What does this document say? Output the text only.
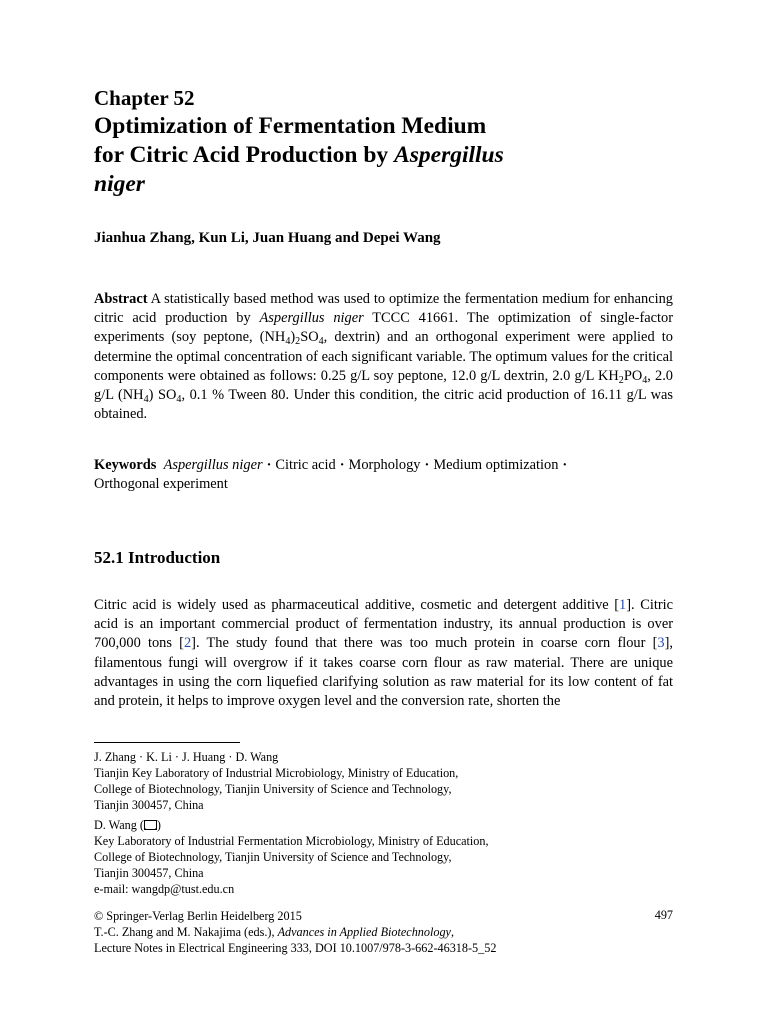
Chapter 52
Optimization of Fermentation Medium
for Citric Acid Production by Aspergillus
niger
Jianhua Zhang, Kun Li, Juan Huang and Depei Wang
Abstract A statistically based method was used to optimize the fermentation medium for enhancing citric acid production by Aspergillus niger TCCC 41661. The optimization of single-factor experiments (soy peptone, $(NH_4)_2SO_4$, dextrin) and an orthogonal experiment were applied to determine the optimal concentration of each significant variable. The optimum values for the critical components were obtained as follows: 0.25 g/L soy peptone, 12.0 g/L dextrin, 2.0 g/L $KH_2PO_4$, 2.0 g/L $(NH_4)$ $SO_4$, 0.1 % Tween 80. Under this condition, the citric acid production of 16.11 g/L was obtained.
Keywords Aspergillus niger · Citric acid · Morphology · Medium optimization ·
Orthogonal experiment
52.1 Introduction
Citric acid is widely used as pharmaceutical additive, cosmetic and detergent additive [1]. Citric acid is an important commercial product of fermentation industry, its annual production is over 700,000 tons [2]. The study found that there was too much protein in coarse corn flour [3], filamentous fungi will overgrow if it takes coarse corn flour as raw material. There are unique advantages in using the corn liquefied clarifying solution as raw material for its low content of fat and protein, it helps to improve oxygen level and the conversion rate, shorten the
J. Zhang · K. Li · J. Huang · D. Wang
Tianjin Key Laboratory of Industrial Microbiology, Ministry of Education,
College of Biotechnology, Tianjin University of Science and Technology,
Tianjin 300457, China
D. Wang ( )
Key Laboratory of Industrial Fermentation Microbiology, Ministry of Education,
College of Biotechnology, Tianjin University of Science and Technology,
Tianjin 300457, China
e-mail: wangdp@tust.edu.cn
© Springer-Verlag Berlin Heidelberg 2015
T.-C. Zhang and M. Nakajima (eds.), Advances in Applied Biotechnology,
Lecture Notes in Electrical Engineering 333, DOI 10.1007/978-3-662-46318-5_52
497
